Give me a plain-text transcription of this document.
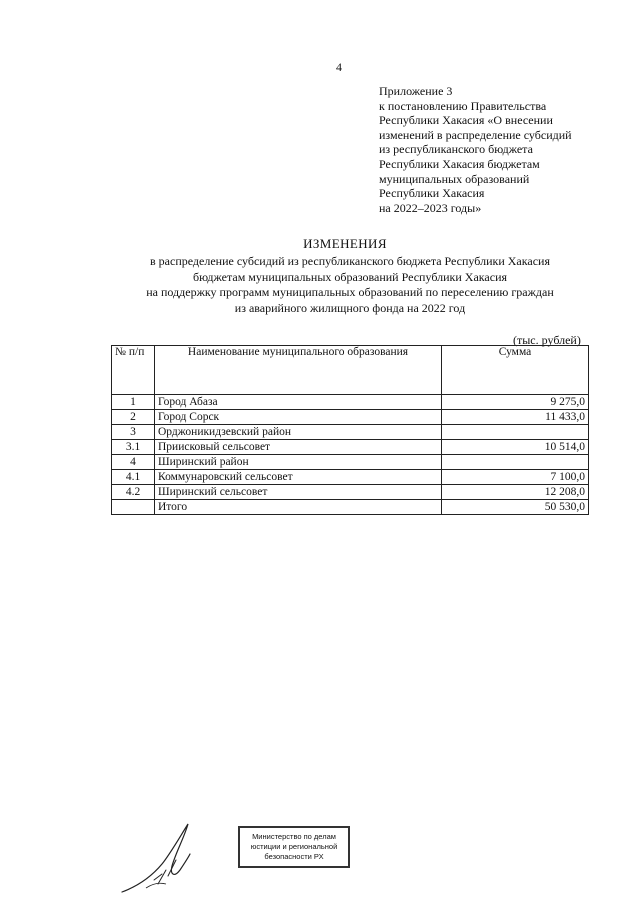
4
Приложение 3
к постановлению Правительства
Республики Хакасия «О внесении
изменений в распределение субсидий
из республиканского бюджета
Республики Хакасия бюджетам
муниципальных образований
Республики Хакасия
на 2022–2023 годы»
ИЗМЕНЕНИЯ
в распределение субсидий из республиканского бюджета Республики Хакасия
бюджетам муниципальных образований Республики Хакасия
на поддержку программ муниципальных образований по переселению граждан
из аварийного жилищного фонда на 2022 год
(тыс. рублей)
№ п/п	Наименование муниципального образования	Сумма
1	Город Абаза	9 275,0
2	Город Сорск	11 433,0
3	Орджоникидзевский район	
3.1	Приисковый сельсовет	10 514,0
4	Ширинский район	
4.1	Коммунаровский сельсовет	7 100,0
4.2	Ширинский сельсовет	12 208,0
	Итого	50 530,0
Министерство по делам
юстиции и региональной
безопасности РХ
